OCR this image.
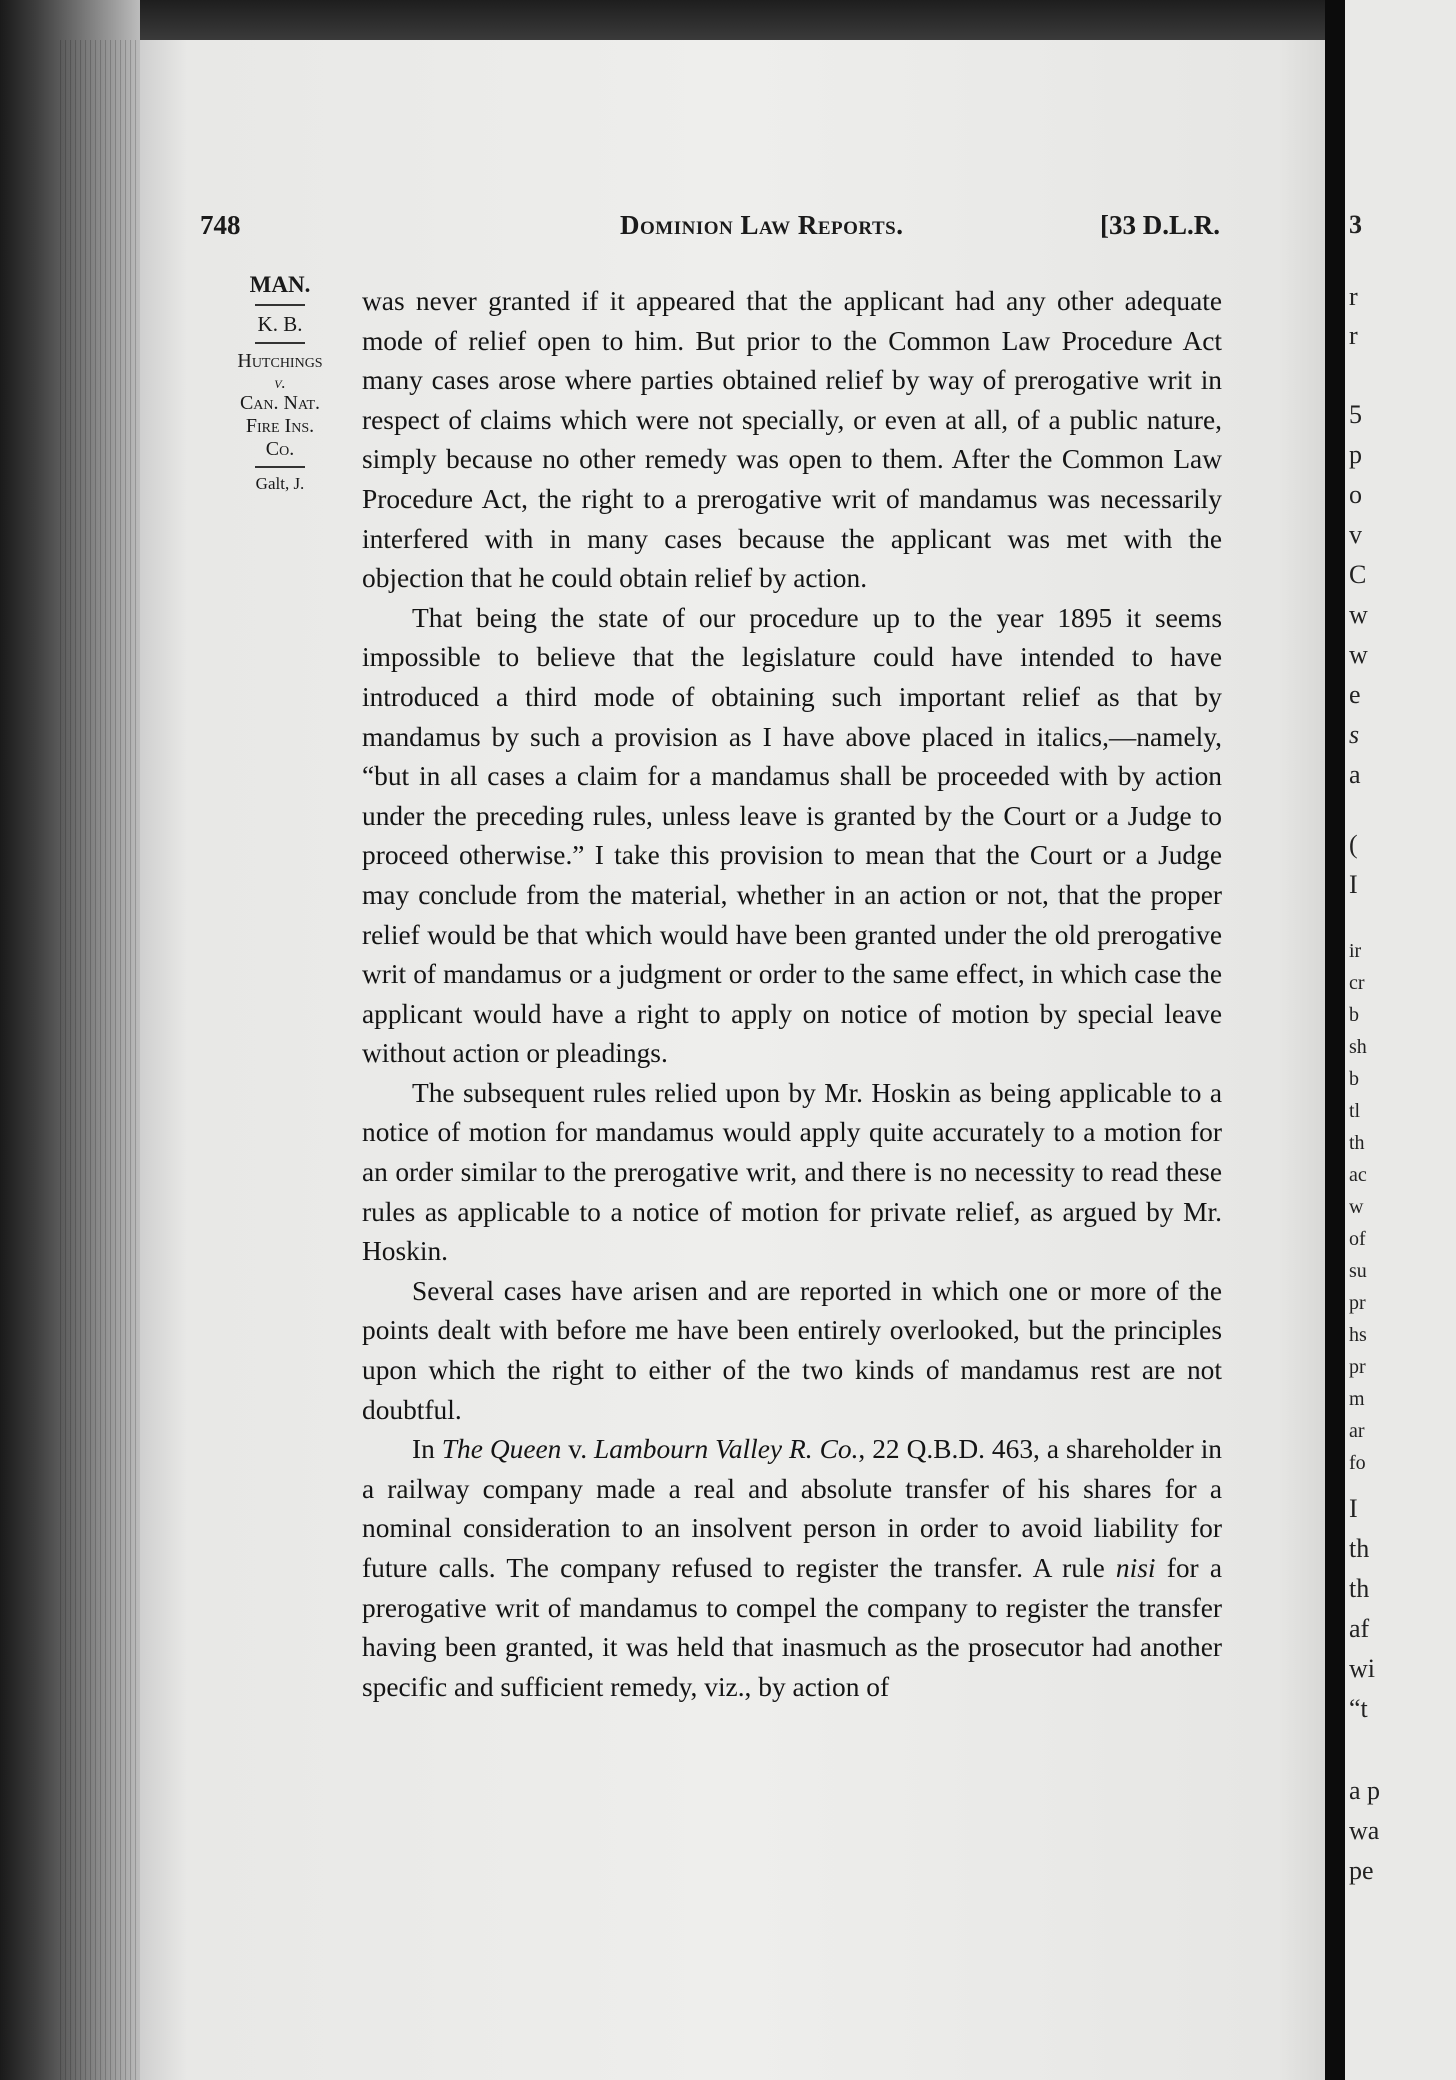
748	Dominion Law Reports.	[33 D.L.R.
MAN.
K. B.
Hutchings
v.
Can. Nat.
Fire Ins.
Co.
Galt, J.

was never granted if it appeared that the applicant had any other adequate mode of relief open to him. But prior to the Common Law Procedure Act many cases arose where parties obtained relief by way of prerogative writ in respect of claims which were not specially, or even at all, of a public nature, simply because no other remedy was open to them. After the Common Law Procedure Act, the right to a prerogative writ of mandamus was necessarily interfered with in many cases because the applicant was met with the objection that he could obtain relief by action.

That being the state of our procedure up to the year 1895 it seems impossible to believe that the legislature could have intended to have introduced a third mode of obtaining such important relief as that by mandamus by such a provision as I have above placed in italics,—namely, “but in all cases a claim for a mandamus shall be proceeded with by action under the preceding rules, unless leave is granted by the Court or a Judge to proceed otherwise.” I take this provision to mean that the Court or a Judge may conclude from the material, whether in an action or not, that the proper relief would be that which would have been granted under the old prerogative writ of mandamus or a judgment or order to the same effect, in which case the applicant would have a right to apply on notice of motion by special leave without action or pleadings.

The subsequent rules relied upon by Mr. Hoskin as being applicable to a notice of motion for mandamus would apply quite accurately to a motion for an order similar to the prerogative writ, and there is no necessity to read these rules as applicable to a notice of motion for private relief, as argued by Mr. Hoskin.

Several cases have arisen and are reported in which one or more of the points dealt with before me have been entirely overlooked, but the principles upon which the right to either of the two kinds of mandamus rest are not doubtful.

In The Queen v. Lambourn Valley R. Co., 22 Q.B.D. 463, a shareholder in a railway company made a real and absolute transfer of his shares for a nominal consideration to an insolvent person in order to avoid liability for future calls. The company refused to register the transfer. A rule nisi for a prerogative writ of mandamus to compel the company to register the transfer having been granted, it was held that inasmuch as the prosecutor had another specific and sufficient remedy, viz., by action of

3
r
r
5
p
o
v
C
w
w
e
s
a
(
I
ir
cr
b
sh
b
tl
th
ac
w
of
su
pr
hs
pr
m
ar
fo
I
th
th
af
wi
“t
a p
wa
pe
